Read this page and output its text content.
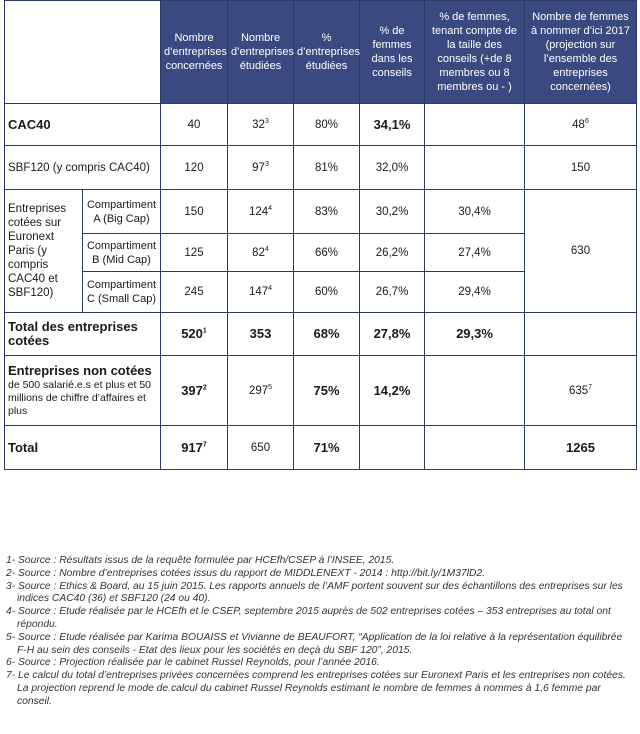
		Nombre d’entreprises concernées	Nombre d’entreprises étudiées	% d’entreprises étudiées	% de femmes dans les conseils	% de femmes, tenant compte de la taille des conseils (+de 8 membres ou 8 membres ou - )	Nombre de femmes à nommer d’ici 2017 (projection sur l’ensemble des entreprises concernées)
CAC40		40	$32^3$	80%	34,1%		$48^6$
SBF120 (y compris CAC40)		120	$97^3$	81%	32,0%		150
Entreprises cotées sur Euronext Paris (y compris CAC40 et SBF120)	Compartiment A (Big Cap)	150	$124^4$	83%	30,2%	30,4%	630
	Compartiment B (Mid Cap)	125	$82^4$	66%	26,2%	27,4%	
	Compartiment C (Small Cap)	245	$147^4$	60%	26,7%	29,4%	
Total des entreprises cotées		$520^1$	353	68%	27,8%	29,3%	

Entreprises non cotées
de 500 salarié.e.s et plus et 50 millions de chiffre d’affaires et plus		$397^2$	$297^5$	75%	14,2%		$635^7$
Total		$917^7$	650	71%			1265
1- Source : Résultats issus de la requête formulée par HCEfh/CSEP à l’INSEE, 2015.
2- Source : Nombre d’entreprises cotées issus du rapport de MIDDLENEXT - 2014 : http://bit.ly/1M37lD2.
3- Source : Ethics & Board, au 15 juin 2015. Les rapports annuels de l’AMF portent souvent sur des échantillons des entreprises sur les indices CAC40 (36) et SBF120 (24 ou 40).
4- Source : Etude réalisée par le HCEfh et le CSEP, septembre 2015 auprès de 502 entreprises cotées – 353 entreprises au total ont répondu.
5- Source : Etude réalisée par Karima BOUAISS et Vivianne de BEAUFORT, “Application de la loi relative à la représentation équilibrée F-H au sein des conseils - Etat des lieux pour les sociétés en deçà du SBF 120”, 2015.
6- Source : Projection réalisée par le cabinet Russel Reynolds, pour l’année 2016.
7- Le calcul du total d’entreprises privées concernées comprend les entreprises cotées sur Euronext Paris et les entreprises non cotées. La projection reprend le mode de calcul du cabinet Russel Reynolds estimant le nombre de femmes à nommes à 1,6 femme par conseil.
